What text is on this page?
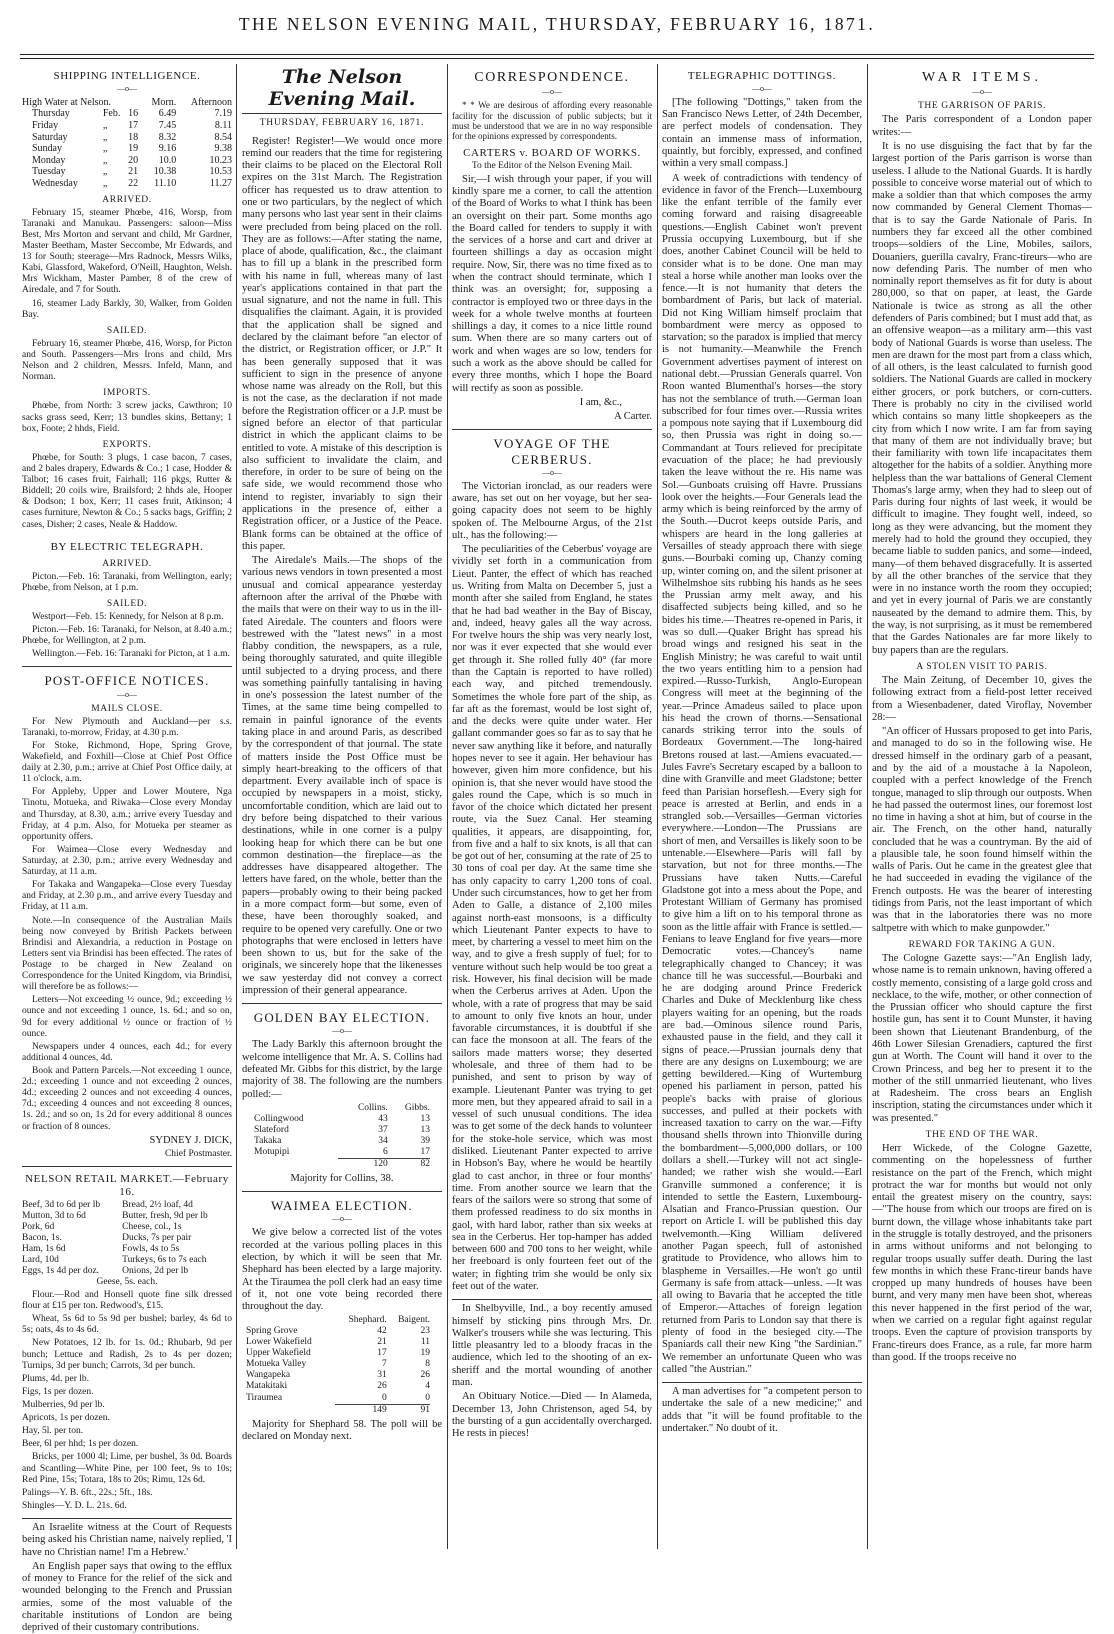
THE NELSON EVENING MAIL, THURSDAY, FEBRUARY 16, 1871.
SHIPPING INTELLIGENCE.
—o—
High Water at Nelson.			Morn.	Afternoon
Thursday	Feb.	16	6.49	7.19
Friday	„	17	7.45	8.11
Saturday	„	18	8.32	8.54
Sunday	„	19	9.16	9.38
Monday	„	20	10.0	10.23
Tuesday	„	21	10.38	10.53
Wednesday	„	22	11.10	11.27
ARRIVED.

February 15, steamer Phœbe, 416, Worsp, from Taranaki and Manukau. Passengers: saloon—Miss Best, Mrs Morton and servant and child, Mr Gardner, Master Beetham, Master Seccombe, Mr Edwards, and 13 for South; steerage—Mrs Radnock, Messrs Wilks, Kabi, Glassford, Wakeford, O'Neill, Haughton, Welsh. Mrs Wickham, Master Pamber, 8 of the crew of Airedale, and 7 for South.

16, steamer Lady Barkly, 30, Walker, from Golden Bay.

SAILED.

February 16, steamer Phœbe, 416, Worsp, for Picton and South. Passengers—Mrs Irons and child, Mrs Nelson and 2 children, Messrs. Infeld, Mann, and Norman.

IMPORTS.

Phœbe, from North: 3 screw jacks, Cawthron; 10 sacks grass seed, Kerr; 13 bundles skins, Bettany; 1 box, Foote; 2 hhds, Field.

EXPORTS.

Phœbe, for South: 3 plugs, 1 case bacon, 7 cases, and 2 bales drapery, Edwards & Co.; 1 case, Hodder & Talbot; 16 cases fruit, Fairhall; 116 pkgs, Rutter & Biddell; 20 coils wire, Brailsford; 2 hhds ale, Hooper & Dodson; 1 box, Kerr; 11 cases fruit, Atkinson; 4 cases furniture, Newton & Co.; 5 sacks bags, Griffin; 2 cases, Disher; 2 cases, Neale & Haddow.

BY ELECTRIC TELEGRAPH.
ARRIVED.

Picton.—Feb. 16: Taranaki, from Wellington, early; Phœbe, from Nelson, at 1 p.m.

SAILED.

Westport—Feb. 15: Kennedy, for Nelson at 8 p.m.

Picton.—Feb. 16: Taranaki, for Nelson, at 8.40 a.m.; Phœbe, for Wellington, at 2 p.m.

Wellington.—Feb. 16: Taranaki for Picton, at 1 a.m.

POST-OFFICE NOTICES.
—o—
MAILS CLOSE.

For New Plymouth and Auckland—per s.s. Taranaki, to-morrow, Friday, at 4.30 p.m.

For Stoke, Richmond, Hope, Spring Grove, Wakefield, and Foxhill—Close at Chief Post Office daily at 2.30, p.m.; arrive at Chief Post Office daily, at 11 o'clock, a.m.

For Appleby, Upper and Lower Moutere, Nga Tinotu, Motueka, and Riwaka—Close every Monday and Thursday, at 8.30, a.m.; arrive every Tuesday and Friday, at 4 p.m. Also, for Motueka per steamer as opportunity offers.

For Waimea—Close every Wednesday and Saturday, at 2.30, p.m.; arrive every Wednesday and Saturday, at 11 a.m.

For Takaka and Wangapeka—Close every Tuesday and Friday, at 2.30 p.m., and arrive every Tuesday and Friday, at 11 a.m.

Note.—In consequence of the Australian Mails being now conveyed by British Packets between Brindisi and Alexandria, a reduction in Postage on Letters sent via Brindisi has been effected. The rates of Postage to be charged in New Zealand on Correspondence for the United Kingdom, via Brindisi, will therefore be as follows:—

Letters—Not exceeding ½ ounce, 9d.; exceeding ½ ounce and not exceeding 1 ounce, 1s. 6d.; and so on, 9d for every additional ½ ounce or fraction of ½ ounce.

Newspapers under 4 ounces, each 4d.; for every additional 4 ounces, 4d.

Book and Pattern Parcels.—Not exceeding 1 ounce, 2d.; exceeding 1 ounce and not exceeding 2 ounces, 4d.; exceeding 2 ounces and not exceeding 4 ounces, 7d.; exceeding 4 ounces and not exceeding 8 ounces, 1s. 2d.; and so on, 1s 2d for every additional 8 ounces or fraction of 8 ounces.

SYDNEY J. DICK,

Chief Postmaster.

NELSON RETAIL MARKET.—February 16.
Beef, 3d to 6d per lb	Bread, 2½ loaf, 4d
Mutton, 3d to 6d	Butter, fresh, 9d per lb
Pork, 6d	Cheese, col., 1s
Bacon, 1s.	Ducks, 7s per pair
Ham, 1s 6d	Fowls, 4s to 5s
Lard, 10d	Turkeys, 6s to 7s each
Eggs, 1s 4d per doz.	Onions, 2d per lb

Geese, 5s. each.

Flour.—Rod and Honsell quote fine silk dressed flour at £15 per ton. Redwood's, £15.

Wheat, 5s 6d to 5s 9d per bushel; barley, 4s 6d to 5s; oats, 4s to 4s 6d.

New Potatoes, 12 lb. for 1s. 0d.; Rhubarb, 9d per bunch; Lettuce and Radish, 2s to 4s per dozen; Turnips, 3d per bunch; Carrots, 3d per bunch.

Plums, 4d. per lb.

Figs, 1s per dozen.

Mulberries, 9d per lb.

Apricots, 1s per dozen.

Hay, 5l. per ton.

Beer, 6l per hhd; 1s per dozen.

Bricks, per 1000 4l; Lime, per bushel, 3s 0d. Boards and Scantling—White Pine, per 100 feet, 9s to 10s; Red Pine, 15s; Totara, 18s to 20s; Rimu, 12s 6d.

Palings—Y. B. 6ft., 22s.; 5ft., 18s.

Shingles—Y. D. L. 21s. 6d.

An Israelite witness at the Court of Requests being asked his Christian name, naively replied, 'I have no Christian name! I'm a Hebrew.'

An English paper says that owing to the efflux of money to France for the relief of the sick and wounded belonging to the French and Prussian armies, some of the most valuable of the charitable institutions of London are being deprived of their customary contributions.

The Nelson Evening Mail.
THURSDAY, FEBRUARY 16, 1871.

Register! Register!—We would once more remind our readers that the time for registering their claims to be placed on the Electoral Roll expires on the 31st March. The Registration officer has requested us to draw attention to one or two particulars, by the neglect of which many persons who last year sent in their claims were precluded from being placed on the roll. They are as follows:—After stating the name, place of abode, qualification, &c., the claimant has to fill up a blank in the prescribed form with his name in full, whereas many of last year's applications contained in that part the usual signature, and not the name in full. This disqualifies the claimant. Again, it is provided that the application shall be signed and declared by the claimant before "an elector of the district, or Registration officer, or J.P." It has been generally supposed that it was sufficient to sign in the presence of anyone whose name was already on the Roll, but this is not the case, as the declaration if not made before the Registration officer or a J.P. must be signed before an elector of that particular district in which the applicant claims to be entitled to vote. A mistake of this description is also sufficient to invalidate the claim, and therefore, in order to be sure of being on the safe side, we would recommend those who intend to register, invariably to sign their applications in the presence of, either a Registration officer, or a Justice of the Peace. Blank forms can be obtained at the office of this paper.

The Airedale's Mails.—The shops of the various news vendors in town presented a most unusual and comical appearance yesterday afternoon after the arrival of the Phœbe with the mails that were on their way to us in the ill-fated Airedale. The counters and floors were bestrewed with the "latest news" in a most flabby condition, the newspapers, as a rule, being thoroughly saturated, and quite illegible until subjected to a drying process, and there was something painfully tantalising in having in one's possession the latest number of the Times, at the same time being compelled to remain in painful ignorance of the events taking place in and around Paris, as described by the correspondent of that journal. The state of matters inside the Post Office must be simply heart-breaking to the officers of that department. Every available inch of space is occupied by newspapers in a moist, sticky, uncomfortable condition, which are laid out to dry before being dispatched to their various destinations, while in one corner is a pulpy looking heap for which there can be but one common destination—the fireplace—as the addresses have disappeared altogether. The letters have fared, on the whole, better than the papers—probably owing to their being packed in a more compact form—but some, even of these, have been thoroughly soaked, and require to be opened very carefully. One or two photographs that were enclosed in letters have been shown to us, but for the sake of the originals, we sincerely hope that the likenesses we saw yesterday did not convey a correct impression of their general appearance.

GOLDEN BAY ELECTION.
—o—

The Lady Barkly this afternoon brought the welcome intelligence that Mr. A. S. Collins had defeated Mr. Gibbs for this district, by the large majority of 38. The following are the numbers polled:—

	Collins.	Gibbs.
Collingwood	43	13
Slateford	37	13
Takaka	34	39
Motupipi	6	17
	120	82

Majority for Collins, 38.

WAIMEA ELECTION.
—o—

We give below a corrected list of the votes recorded at the various polling places in this election, by which it will be seen that Mr. Shephard has been elected by a large majority. At the Tiraumea the poll clerk had an easy time of it, not one vote being recorded there throughout the day.

	Shephard.	Baigent.
Spring Grove	42	23
Lower Wakefield	21	11
Upper Wakefield	17	19
Motueka Valley	7	8
Wangapeka	31	26
Matakitaki	26	4
Tiraumea	0	0
	149	91

Majority for Shephard 58. The poll will be declared on Monday next.

CORRESPONDENCE.
—o—

* * We are desirous of affording every reasonable facility for the discussion of public subjects; but it must be understood that we are in no way responsible for the opinions expressed by correspondents.

CARTERS v. BOARD OF WORKS.

To the Editor of the Nelson Evening Mail.

Sir,—I wish through your paper, if you will kindly spare me a corner, to call the attention of the Board of Works to what I think has been an oversight on their part. Some months ago the Board called for tenders to supply it with the services of a horse and cart and driver at fourteen shillings a day as occasion might require. Now, Sir, there was no time fixed as to when the contract should terminate, which I think was an oversight; for, supposing a contractor is employed two or three days in the week for a whole twelve months at fourteen shillings a day, it comes to a nice little round sum. When there are so many carters out of work and when wages are so low, tenders for such a work as the above should be called for every three months, which I hope the Board will rectify as soon as possible.

I am, &c.,

A Carter.

VOYAGE OF THE CERBERUS.
—o—

The Victorian ironclad, as our readers were aware, has set out on her voyage, but her sea-going capacity does not seem to be highly spoken of. The Melbourne Argus, of the 21st ult., has the following:—

The peculiarities of the Ceberbus' voyage are vividly set forth in a communication from Lieut. Panter, the effect of which has reached us. Writing from Malta on December 5, just a month after she sailed from England, he states that he had bad weather in the Bay of Biscay, and, indeed, heavy gales all the way across. For twelve hours the ship was very nearly lost, nor was it ever expected that she would ever get through it. She rolled fully 40° (far more than the Captain is reported to have rolled) each way, and pitched tremendously. Sometimes the whole fore part of the ship, as far aft as the foremast, would be lost sight of, and the decks were quite under water. Her gallant commander goes so far as to say that he never saw anything like it before, and naturally hopes never to see it again. Her behaviour has however, given him more confidence, but his opinion is, that she never would have stood the gales round the Cape, which is so much in favor of the choice which dictated her present route, via the Suez Canal. Her steaming qualities, it appears, are disappointing, for, from five and a half to six knots, is all that can be got out of her, consuming at the rate of 25 to 30 tons of coal per day. At the same time she has only capacity to carry 1,200 tons of coal. Under such circumstances, how to get her from Aden to Galle, a distance of 2,100 miles against north-east monsoons, is a difficulty which Lieutenant Panter expects to have to meet, by chartering a vessel to meet him on the way, and to give a fresh supply of fuel; for to venture without such help would be too great a risk. However, his final decision will be made when the Cerberus arrives at Aden. Upon the whole, with a rate of progress that may be said to amount to only five knots an hour, under favorable circumstances, it is doubtful if she can face the monsoon at all. The fears of the sailors made matters worse; they deserted wholesale, and three of them had to be punished, and sent to prison by way of example. Lieutenant Panter was trying to get more men, but they appeared afraid to sail in a vessel of such unusual conditions. The idea was to get some of the deck hands to volunteer for the stoke-hole service, which was most disliked. Lieutenant Panter expected to arrive in Hobson's Bay, where he would be heartily glad to cast anchor, in three or four months' time. From another source we learn that the fears of the sailors were so strong that some of them professed readiness to do six months in gaol, with hard labor, rather than six weeks at sea in the Cerberus. Her top-hamper has added between 600 and 700 tons to her weight, while her freeboard is only fourteen feet out of the water; in fighting trim she would be only six feet out of the water.

In Shelbyville, Ind., a boy recently amused himself by sticking pins through Mrs. Dr. Walker's trousers while she was lecturing. This little pleasantry led to a bloody fracas in the audience, which led to the shooting of an ex-sheriff and the mortal wounding of another man.

An Obituary Notice.—Died — In Alameda, December 13, John Christenson, aged 54, by the bursting of a gun accidentally overcharged. He rests in pieces!

TELEGRAPHIC DOTTINGS.
—o—

[The following "Dottings," taken from the San Francisco News Letter, of 24th December, are perfect models of condensation. They contain an immense mass of information, quaintly, but forcibly, expressed, and confined within a very small compass.]

A week of contradictions with tendency of evidence in favor of the French—Luxembourg like the enfant terrible of the family ever coming forward and raising disagreeable questions.—English Cabinet won't prevent Prussia occupying Luxembourg, but if she does, another Cabinet Council will be held to consider what is to be done. One man may steal a horse while another man looks over the fence.—It is not humanity that deters the bombardment of Paris, but lack of material. Did not King William himself proclaim that bombardment were mercy as opposed to starvation; so the paradox is implied that mercy is not humanity.—Meanwhile the French Government advertises payment of interest on national debt.—Prussian Generals quarrel. Von Roon wanted Blumenthal's horses—the story has not the semblance of truth.—German loan subscribed for four times over.—Russia writes a pompous note saying that if Luxembourg did so, then Prussia was right in doing so.—Commandant at Tours relieved for precipitate evacuation of the place; he had previously taken the leave without the re. His name was Sol.—Gunboats cruising off Havre. Prussians look over the heights.—Four Generals lead the army which is being reinforced by the army of the South.—Ducrot keeps outside Paris, and whispers are heard in the long galleries at Versailles of steady approach there with siege guns.—Bourbaki coming up, Chanzy coming up, winter coming on, and the silent prisoner at Wilhelmshoe sits rubbing his hands as he sees the Prussian army melt away, and his disaffected subjects being killed, and so he bides his time.—Theatres re-opened in Paris, it was so dull.—Quaker Bright has spread his broad wings and resigned his seat in the English Ministry; he was careful to wait until the two years entitling him to a pension had expired.—Russo-Turkish, Anglo-European Congress will meet at the beginning of the year.—Prince Amadeus sailed to place upon his head the crown of thorns.—Sensational canards striking terror into the souls of Bordeaux Government.—The long-haired Bretons roused at last.—Amiens evacuated.—Jules Favre's Secretary escaped by a balloon to dine with Granville and meet Gladstone; better feed than Parisian horseflesh.—Every sigh for peace is arrested at Berlin, and ends in a strangled sob.—Versailles—German victories everywhere.—London—The Prussians are short of men, and Versailles is likely soon to be untenable.—Elsewhere—Paris will fall by starvation, but not for three months.—The Prussians have taken Nutts.—Careful Gladstone got into a mess about the Pope, and Protestant William of Germany has promised to give him a lift on to his temporal throne as soon as the little affair with France is settled.—Fenians to leave England for five years—more Democratic votes.—Chancey's name telegraphically changed to Chancey; it was chance till he was successful.—Bourbaki and he are dodging around Prince Frederick Charles and Duke of Mecklenburg like chess players waiting for an opening, but the roads are bad.—Ominous silence round Paris, exhausted pause in the field, and they call it signs of peace.—Prussian journals deny that there are any designs on Luxembourg; we are getting bewildered.—King of Wurtemburg opened his parliament in person, patted his people's backs with praise of glorious successes, and pulled at their pockets with increased taxation to carry on the war.—Fifty thousand shells thrown into Thionville during the bombardment—5,000,000 dollars, or 100 dollars a shell.—Turkey will not act single-handed; we rather wish she would.—Earl Granville summoned a conference; it is intended to settle the Eastern, Luxembourg-Alsatian and Franco-Prussian question. Our report on Article I. will be published this day twelvemonth.—King William delivered another Pagan speech, full of astonished gratitude to Providence, who allows him to blaspheme in Versailles.—He won't go until Germany is safe from attack—unless. —It was all owing to Bavaria that he accepted the title of Emperor.—Attaches of foreign legation returned from Paris to London say that there is plenty of food in the besieged city.—The Spaniards call their new King "the Sardinian." We remember an unfortunate Queen who was called "the Austrian."

A man advertises for "a competent person to undertake the sale of a new medicine;" and adds that "it will be found profitable to the undertaker." No doubt of it.

WAR ITEMS.
—o—
THE GARRISON OF PARIS.

The Paris correspondent of a London paper writes:—

It is no use disguising the fact that by far the largest portion of the Paris garrison is worse than useless. I allude to the National Guards. It is hardly possible to conceive worse material out of which to make a soldier than that which composes the army now commanded by General Clement Thomas—that is to say the Garde Nationale of Paris. In numbers they far exceed all the other combined troops—soldiers of the Line, Mobiles, sailors, Douaniers, guerilla cavalry, Franc-tireurs—who are now defending Paris. The number of men who nominally report themselves as fit for duty is about 280,000, so that on paper, at least, the Garde Nationale is twice as strong as all the other defenders of Paris combined; but I must add that, as an offensive weapon—as a military arm—this vast body of National Guards is worse than useless. The men are drawn for the most part from a class which, of all others, is the least calculated to furnish good soldiers. The National Guards are called in mockery either grocers, or pork butchers, or corn-cutters. There is probably no city in the civilised world which contains so many little shopkeepers as the city from which I now write. I am far from saying that many of them are not individually brave; but their familiarity with town life incapacitates them altogether for the habits of a soldier. Anything more helpless than the war battalions of General Clement Thomas's large army, when they had to sleep out of Paris during four nights of last week, it would be difficult to imagine. They fought well, indeed, so long as they were advancing, but the moment they merely had to hold the ground they occupied, they became liable to sudden panics, and some—indeed, many—of them behaved disgracefully. It is asserted by all the other branches of the service that they were in no instance worth the room they occupied; and yet in every journal of Paris we are constantly nauseated by the demand to admire them. This, by the way, is not surprising, as it must be remembered that the Gardes Nationales are far more likely to buy papers than are the regulars.

A STOLEN VISIT TO PARIS.

The Main Zeitung, of December 10, gives the following extract from a field-post letter received from a Wiesenbadener, dated Viroflay, November 28:—

"An officer of Hussars proposed to get into Paris, and managed to do so in the following wise. He dressed himself in the ordinary garb of a peasant, and by the aid of a moustache à la Napoleon, coupled with a perfect knowledge of the French tongue, managed to slip through our outposts. When he had passed the outermost lines, our foremost lost no time in having a shot at him, but of course in the air. The French, on the other hand, naturally concluded that he was a countryman. By the aid of a plausible tale, he soon found himself within the walls of Paris. Out he came in the greatest glee that he had succeeded in evading the vigilance of the French outposts. He was the bearer of interesting tidings from Paris, not the least important of which was that in the laboratories there was no more saltpetre with which to make gunpowder."

REWARD FOR TAKING A GUN.

The Cologne Gazette says:—"An English lady, whose name is to remain unknown, having offered a costly memento, consisting of a large gold cross and necklace, to the wife, mother, or other connection of the Prussian officer who should capture the first hostile gun, has sent it to Count Munster, it having been shown that Lieutenant Brandenburg, of the 46th Lower Silesian Grenadiers, captured the first gun at Worth. The Count will hand it over to the Crown Princess, and beg her to present it to the mother of the still unmarried lieutenant, who lives at Radesheim. The cross bears an English inscription, stating the circumstances under which it was presented."

THE END OF THE WAR.

Herr Wickede, of the Cologne Gazette, commenting on the hopelessness of further resistance on the part of the French, which might protract the war for months but would not only entail the greatest misery on the country, says:—"The house from which our troops are fired on is burnt down, the village whose inhabitants take part in the struggle is totally destroyed, and the prisoners in arms without uniforms and not belonging to regular troops usually suffer death. During the last few months in which these Franc-tireur bands have cropped up many hundreds of houses have been burnt, and very many men have been shot, whereas this never happened in the first period of the war, when we carried on a regular fight against regular troops. Even the capture of provision transports by Franc-tireurs does France, as a rule, far more harm than good. If the troops receive no
